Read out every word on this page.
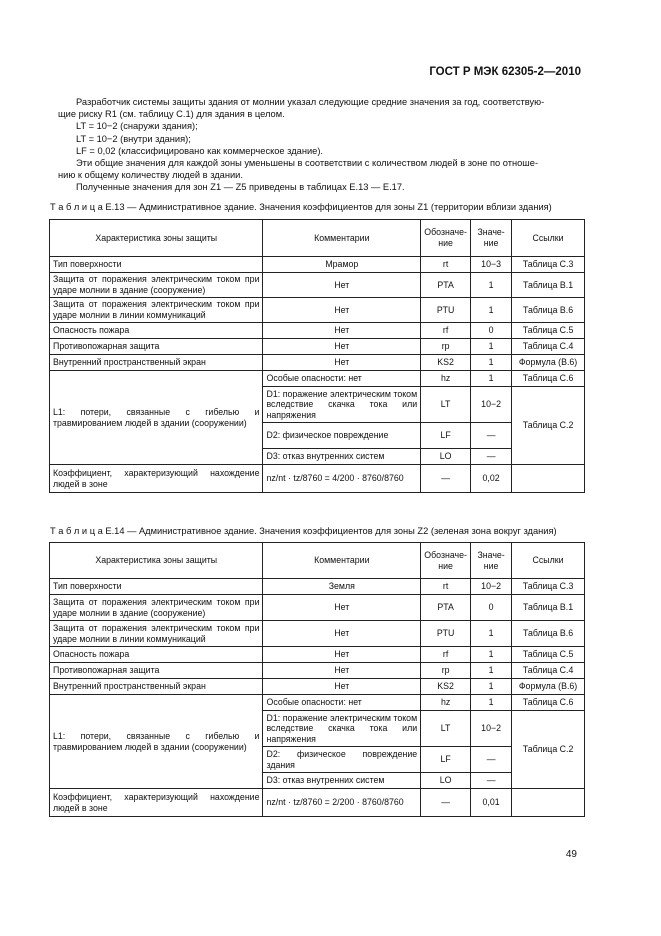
ГОСТ Р МЭК 62305-2—2010
Разработчик системы защиты здания от молнии указал следующие средние значения за год, соответствую-
щие риску R1 (см. таблицу С.1) для здания в целом.
LT = 10−2 (снаружи здания);
LT = 10−2 (внутри здания);
LF = 0,02 (классифицировано как коммерческое здание).
Эти общие значения для каждой зоны уменьшены в соответствии с количеством людей в зоне по отноше-
нию к общему количеству людей в здании.
Полученные значения для зон Z1 — Z5 приведены в таблицах Е.13 — Е.17.
Т а б л и ц а Е.13 — Административное здание. Значения коэффициентов для зоны Z1 (территории вблизи здания)
Характеристика зоны защиты	Комментарии	Обозначе-ние	Значе-ние	Ссылки
Тип поверхности	Мрамор	rt	10−3	Таблица С.3
Защита от поражения электрическим током при ударе молнии в здание (сооружение)	Нет	PTA	1	Таблица В.1
Защита от поражения электрическим током при ударе молнии в линии коммуникаций	Нет	PTU	1	Таблица В.6
Опасность пожара	Нет	rf	0	Таблица С.5
Противопожарная защита	Нет	rp	1	Таблица С.4
Внутренний пространственный экран	Нет	KS2	1	Формула (В.6)
L1: потери, связанные с гибелью и травмированием людей в здании (сооружении)	Особые опасности: нет	hz	1	Таблица С.6
	D1: поражение электрическим током вследствие скачка тока или напряжения	LT	10−2	Таблица С.2
	D2: физическое повреждение	LF	—	
	D3: отказ внутренних систем	LO	—	
Коэффициент, характеризующий нахождение людей в зоне	nz/nt · tz/8760 = 4/200 · 8760/8760	—	0,02	
Т а б л и ц а Е.14 — Административное здание. Значения коэффициентов для зоны Z2 (зеленая зона вокруг здания)
Характеристика зоны защиты	Комментарии	Обозначе-ние	Значе-ние	Ссылки
Тип поверхности	Земля	rt	10−2	Таблица С.3
Защита от поражения электрическим током при ударе молнии в здание (сооружение)	Нет	PTA	0	Таблица В.1
Защита от поражения электрическим током при ударе молнии в линии коммуникаций	Нет	PTU	1	Таблица В.6
Опасность пожара	Нет	rf	1	Таблица С.5
Противопожарная защита	Нет	rp	1	Таблица С.4
Внутренний пространственный экран	Нет	KS2	1	Формула (В.6)
L1: потери, связанные с гибелью и травмированием людей в здании (сооружении)	Особые опасности: нет	hz	1	Таблица С.6
	D1: поражение электрическим током вследствие скачка тока или напряжения	LT	10−2	Таблица С.2
	D2: физическое повреждение здания	LF	—	
	D3: отказ внутренних систем	LO	—	
Коэффициент, характеризующий нахождение людей в зоне	nz/nt · tz/8760 = 2/200 · 8760/8760	—	0,01	
49
